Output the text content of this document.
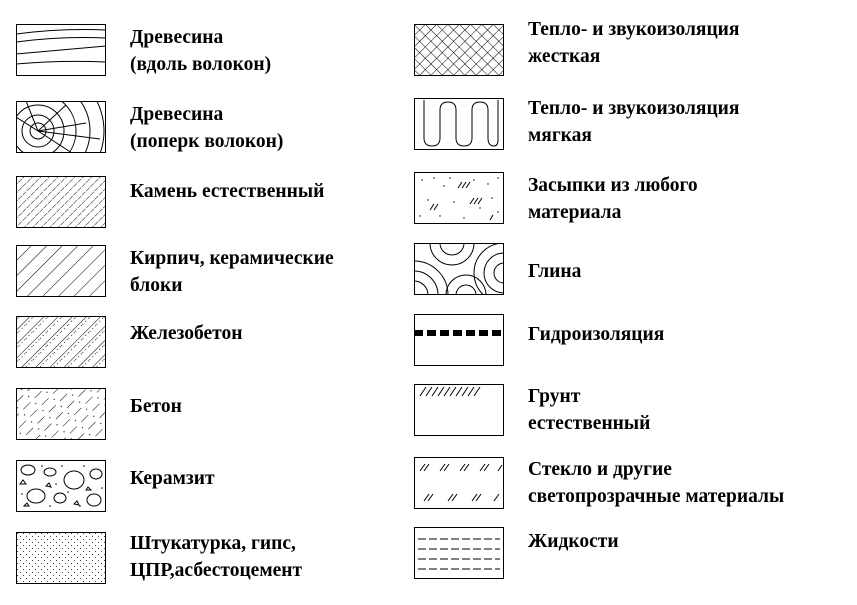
Древесина
(вдоль волокон)
Древесина
(поперк волокон)
Камень естественный
Кирпич, керамические
блоки
Железобетон
Бетон
Керамзит
Штукатурка, гипс,
ЦПР,асбестоцемент
Тепло- и звукоизоляция
жесткая
Тепло- и звукоизоляция
мягкая
Засыпки из любого
материала
Глина
Гидроизоляция
Грунт
естественный
Стекло и другие
светопрозрачные материалы
Жидкости
